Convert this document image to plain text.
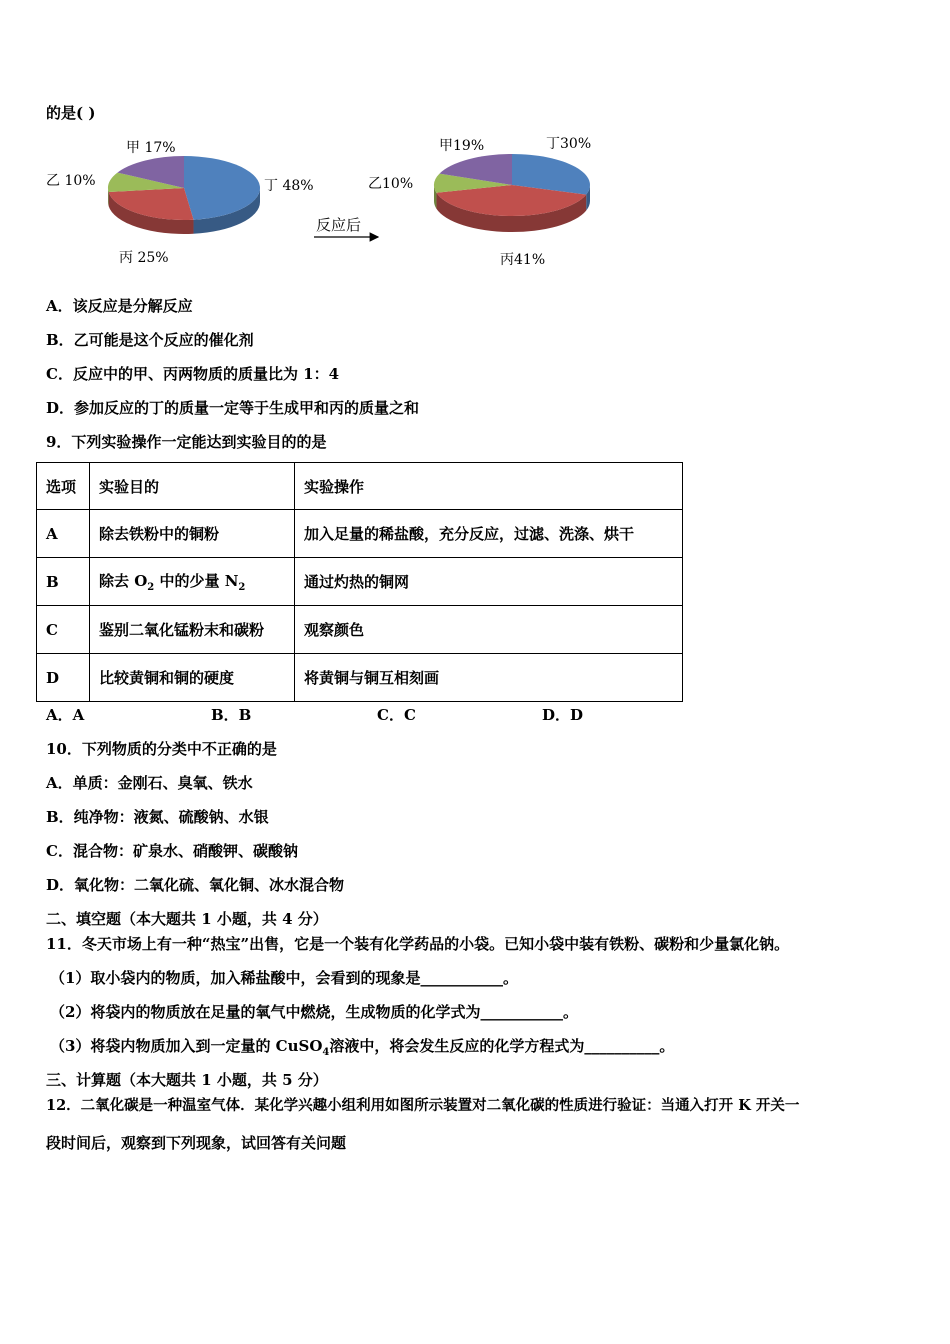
的是( )
甲 17%
乙 10%	丁 48%
丙 25%
反应后
甲19%
乙10%
丁30%
丙41%
A．该反应是分解反应
B．乙可能是这个反应的催化剂
C．反应中的甲、丙两物质的质量比为 1：4
D．参加反应的丁的质量一定等于生成甲和丙的质量之和
9．下列实验操作一定能达到实验目的的是
选项	实验目的	实验操作
A	除去铁粉中的铜粉	加入足量的稀盐酸，充分反应，过滤、洗涤、烘干
B	除去 $O_2$ 中的少量 $N_2$	通过灼热的铜网
C	鉴别二氧化锰粉末和碳粉	观察颜色
D	比较黄铜和铜的硬度	将黄铜与铜互相刻画
A．A	B．B	C．C	D．D
10．下列物质的分类中不正确的是
A．单质：金刚石、臭氧、铁水
B．纯净物：液氮、硫酸钠、水银
C．混合物：矿泉水、硝酸钾、碳酸钠
D．氧化物：二氧化硫、氧化铜、冰水混合物
二、填空题（本大题共 1 小题，共 4 分）
11．冬天市场上有一种“热宝”出售，它是一个装有化学药品的小袋。已知小袋中装有铁粉、碳粉和少量氯化钠。
（1）取小袋内的物质，加入稀盐酸中，会看到的现象是___________。
（2）将袋内的物质放在足量的氧气中燃烧，生成物质的化学式为___________。
（3）将袋内物质加入到一定量的 CuSO$_4$溶液中，将会发生反应的化学方程式为__________。
三、计算题（本大题共 1 小题，共 5 分）
12．二氧化碳是一种温室气体．某化学兴趣小组利用如图所示装置对二氧化碳的性质进行验证：当通入打开 K 开关一
段时间后，观察到下列现象，试回答有关问题
